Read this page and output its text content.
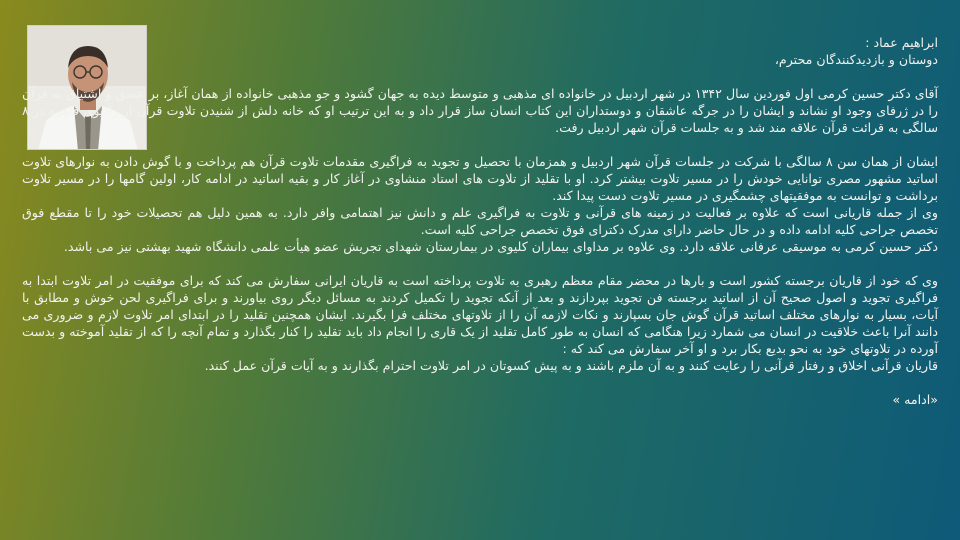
ابراهیم عماد :

دوستان و بازدیدکنندگان محترم،

آقای دکتر حسین کرمی اول فوردین سال ۱۳۴۲ در شهر اردبیل در خانواده ای مذهبی و متوسط دیده به جهان گشود و جو مذهبی خانواده از همان آغاز، بر عشق و اشتیاق به قرآن را در ژرفای وجود او نشاند و ایشان را در جرگه عاشقان و دوستداران این کتاب انسان ساز قرار داد و به این ترتیب او که خانه دلش از شنیدن تلاوت قرآن از رادیوی قاهره در ۸ سالگی به قرائت قرآن علاقه مند شد و به جلسات قرآن شهر اردبیل رفت.

ایشان از همان سن ۸ سالگی با شرکت در جلسات قرآن شهر اردبیل و همزمان با تحصیل و تجوید به فراگیری مقدمات تلاوت قرآن هم پرداخت و با گوش دادن به نوارهای تلاوت اساتید مشهور مصری توانایی خودش را در مسیر تلاوت بیشتر کرد. او با تقلید از تلاوت های استاد منشاوی در آغاز کار و بقیه اساتید در ادامه کار، اولین گامها را در مسیر تلاوت برداشت و توانست به موفقیتهای چشمگیری در مسیر تلاوت دست پیدا کند.

وی از جمله قاریانی است که علاوه بر فعالیت در زمینه های قرآنی و تلاوت به فراگیری علم و دانش نیز اهتمامی وافر دارد. به همین دلیل هم تحصیلات خود را تا مقطع فوق تخصص جراحی کلیه ادامه داده و در حال حاضر دارای مدرک دکترای فوق تخصص جراحی کلیه است.

دکتر حسین کرمی به موسیقی عرفانی علاقه دارد. وی علاوه بر مداوای بیماران کلیوی در بیمارستان شهدای تجریش عضو هیأت علمی دانشگاه شهید بهشتی نیز می باشد.

وی که خود از قاریان برجسته کشور است و بارها در محضر مقام معظم رهبری به تلاوت پرداخته است به قاریان ایرانی سفارش می کند که برای موفقیت در امر تلاوت ابتدا به فراگیری تجوید و اصول صحیح آن از اساتید برجسته فن تجوید بپردازند و بعد از آنکه تجوید را تکمیل کردند به مسائل دیگر روی بیاورند و برای فراگیری لحن خوش و مطابق با آیات، بسیار به نوارهای مختلف اساتید قرآن گوش جان بسپارند و نکات لازمه آن را از تلاوتهای مختلف فرا بگیرند. ایشان همچنین تقلید را در ابتدای امر تلاوت لازم و ضروری می دانند آنرا باعث خلاقیت در انسان می شمارد زیرا هنگامی که انسان به طور کامل تقلید از یک قاری را انجام داد باید تقلید را کنار بگذارد و تمام آنچه را که از تقلید آموخته و بدست آورده در تلاوتهای خود به نحو بدیع بکار برد و او آخر سفارش می کند که :

قاریان قرآنی اخلاق و رفتار قرآنی را رعایت کنند و به آن ملزم باشند و به پیش کسوتان در امر تلاوت احترام بگذارند و به آیات قرآن عمل کنند.

«ادامه »
